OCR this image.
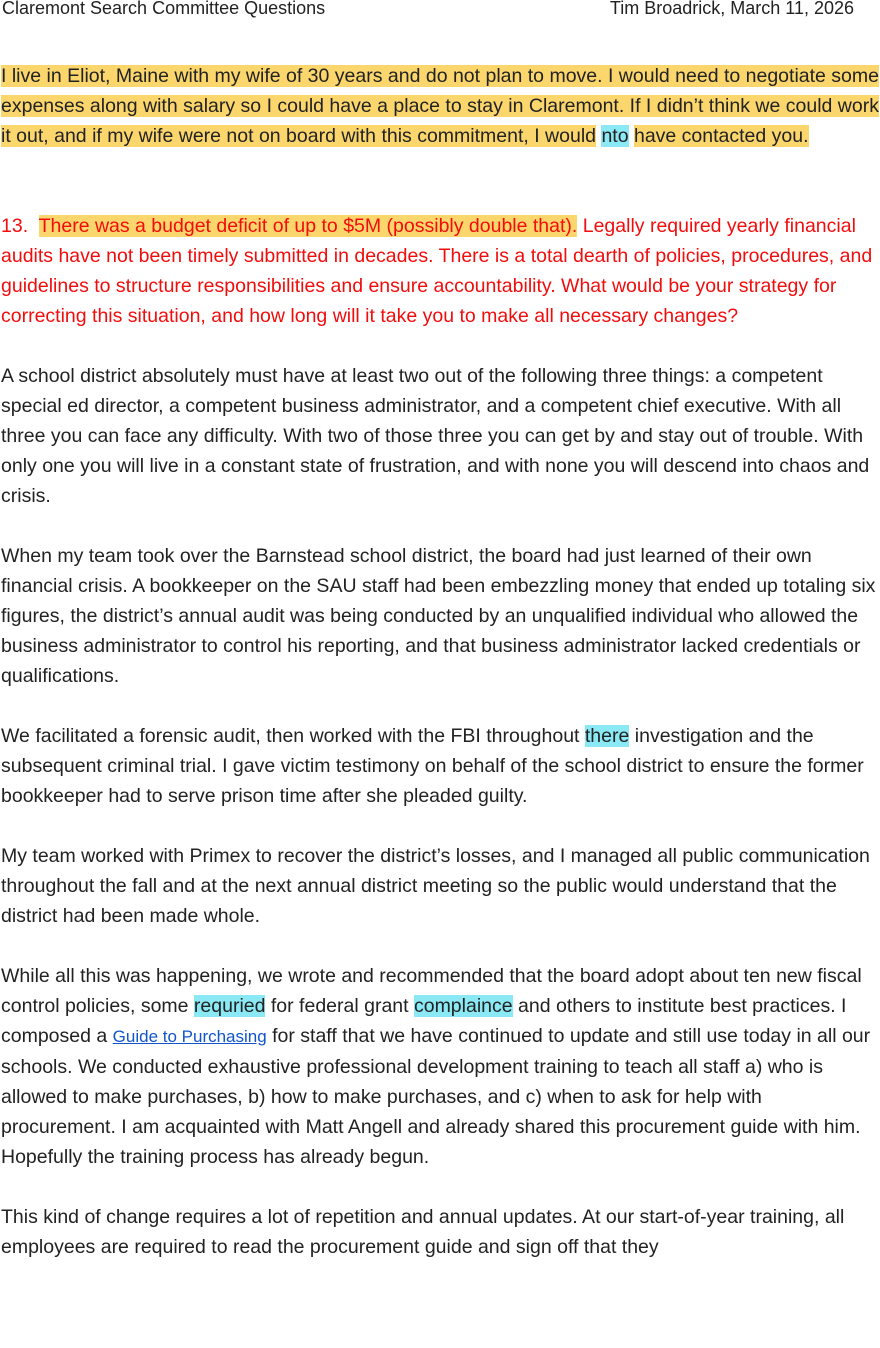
Claremont Search Committee Questions	Tim Broadrick, March 11, 2026

I live in Eliot, Maine with my wife of 30 years and do not plan to move. I would need to negotiate some expenses along with salary so I could have a place to stay in Claremont. If I didn’t think we could work it out, and if my wife were not on board with this commitment, I would nto have contacted you.

13. There was a budget deficit of up to $5M (possibly double that). Legally required yearly financial audits have not been timely submitted in decades. There is a total dearth of policies, procedures, and guidelines to structure responsibilities and ensure accountability. What would be your strategy for correcting this situation, and how long will it take you to make all necessary changes?

A school district absolutely must have at least two out of the following three things: a competent special ed director, a competent business administrator, and a competent chief executive. With all three you can face any difficulty. With two of those three you can get by and stay out of trouble. With only one you will live in a constant state of frustration, and with none you will descend into chaos and crisis.

When my team took over the Barnstead school district, the board had just learned of their own financial crisis. A bookkeeper on the SAU staff had been embezzling money that ended up totaling six figures, the district’s annual audit was being conducted by an unqualified individual who allowed the business administrator to control his reporting, and that business administrator lacked credentials or qualifications.

We facilitated a forensic audit, then worked with the FBI throughout there investigation and the subsequent criminal trial. I gave victim testimony on behalf of the school district to ensure the former bookkeeper had to serve prison time after she pleaded guilty.

My team worked with Primex to recover the district’s losses, and I managed all public communication throughout the fall and at the next annual district meeting so the public would understand that the district had been made whole.

While all this was happening, we wrote and recommended that the board adopt about ten new fiscal control policies, some requried for federal grant complaince and others to institute best practices. I composed a Guide to Purchasing for staff that we have continued to update and still use today in all our schools. We conducted exhaustive professional development training to teach all staff a) who is allowed to make purchases, b) how to make purchases, and c) when to ask for help with procurement. I am acquainted with Matt Angell and already shared this procurement guide with him. Hopefully the training process has already begun.

This kind of change requires a lot of repetition and annual updates. At our start-of-year training, all employees are required to read the procurement guide and sign off that they
